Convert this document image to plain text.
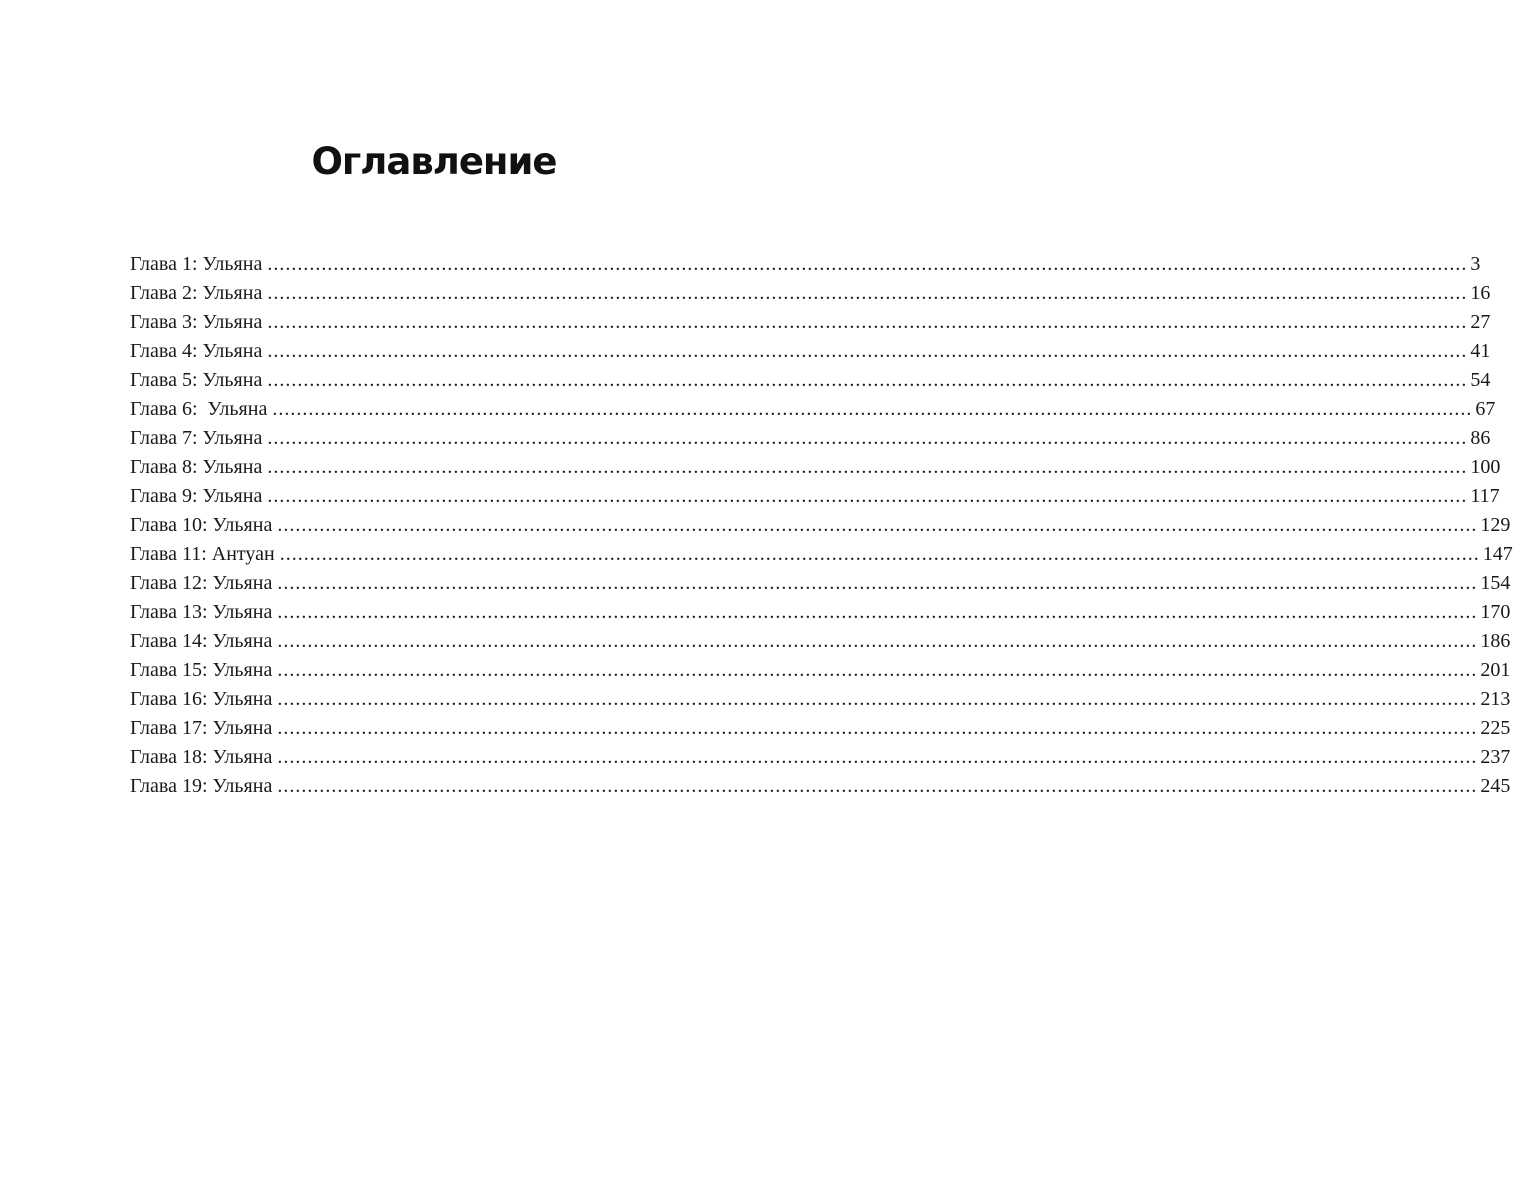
Оглавление
Глава 1: Ульяна ........................................................................................................................................................................................................ 3
Глава 2: Ульяна ........................................................................................................................................................................................................ 16
Глава 3: Ульяна ........................................................................................................................................................................................................ 27
Глава 4: Ульяна ........................................................................................................................................................................................................ 41
Глава 5: Ульяна ........................................................................................................................................................................................................ 54
Глава 6:  Ульяна ........................................................................................................................................................................................................ 67
Глава 7: Ульяна ........................................................................................................................................................................................................ 86
Глава 8: Ульяна ........................................................................................................................................................................................................ 100
Глава 9: Ульяна ........................................................................................................................................................................................................ 117
Глава 10: Ульяна ........................................................................................................................................................................................................ 129
Глава 11: Антуан ........................................................................................................................................................................................................ 147
Глава 12: Ульяна ........................................................................................................................................................................................................ 154
Глава 13: Ульяна ........................................................................................................................................................................................................ 170
Глава 14: Ульяна ........................................................................................................................................................................................................ 186
Глава 15: Ульяна ........................................................................................................................................................................................................ 201
Глава 16: Ульяна ........................................................................................................................................................................................................ 213
Глава 17: Ульяна ........................................................................................................................................................................................................ 225
Глава 18: Ульяна ........................................................................................................................................................................................................ 237
Глава 19: Ульяна ........................................................................................................................................................................................................ 245
